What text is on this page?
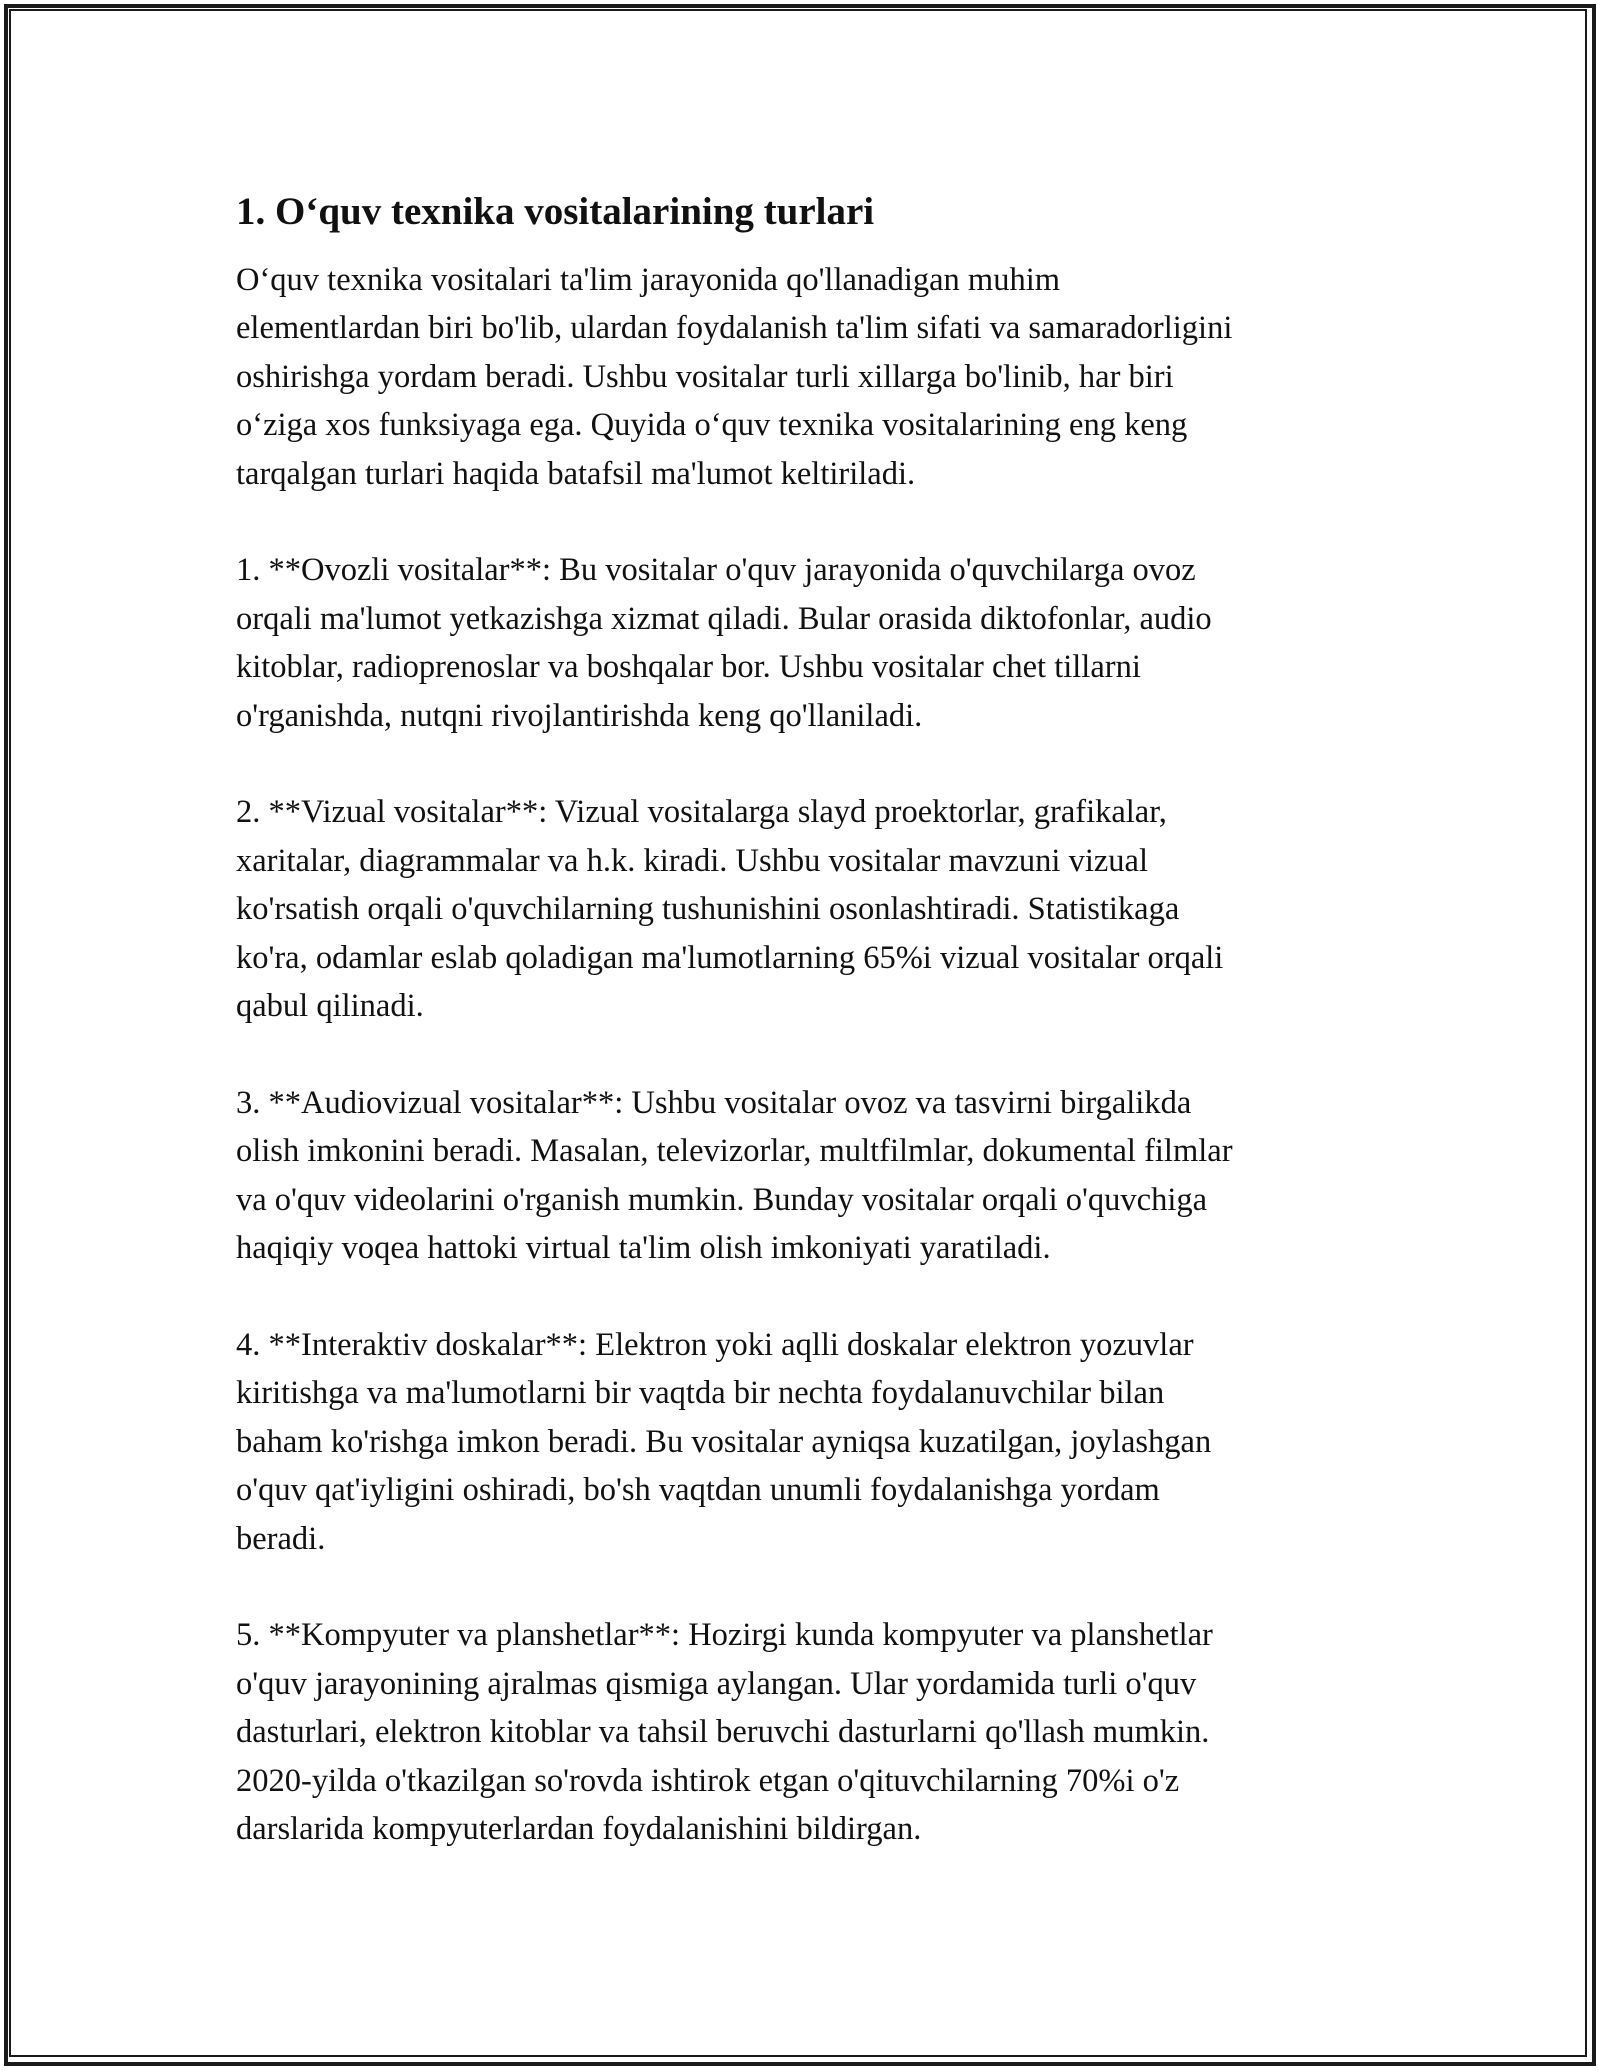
1. O‘quv texnika vositalarining turlari
O‘quv texnika vositalari ta'lim jarayonida qo'llanadigan muhim
elementlardan biri bo'lib, ulardan foydalanish ta'lim sifati va samaradorligini
oshirishga yordam beradi. Ushbu vositalar turli xillarga bo'linib, har biri
o‘ziga xos funksiyaga ega. Quyida o‘quv texnika vositalarining eng keng
tarqalgan turlari haqida batafsil ma'lumot keltiriladi.
1. **Ovozli vositalar**: Bu vositalar o'quv jarayonida o'quvchilarga ovoz
orqali ma'lumot yetkazishga xizmat qiladi. Bular orasida diktofonlar, audio
kitoblar, radioprenoslar va boshqalar bor. Ushbu vositalar chet tillarni
o'rganishda, nutqni rivojlantirishda keng qo'llaniladi.
2. **Vizual vositalar**: Vizual vositalarga slayd proektorlar, grafikalar,
xaritalar, diagrammalar va h.k. kiradi. Ushbu vositalar mavzuni vizual
ko'rsatish orqali o'quvchilarning tushunishini osonlashtiradi. Statistikaga
ko'ra, odamlar eslab qoladigan ma'lumotlarning 65%i vizual vositalar orqali
qabul qilinadi.
3. **Audiovizual vositalar**: Ushbu vositalar ovoz va tasvirni birgalikda
olish imkonini beradi. Masalan, televizorlar, multfilmlar, dokumental filmlar
va o'quv videolarini o'rganish mumkin. Bunday vositalar orqali o'quvchiga
haqiqiy voqea hattoki virtual ta'lim olish imkoniyati yaratiladi.
4. **Interaktiv doskalar**: Elektron yoki aqlli doskalar elektron yozuvlar
kiritishga va ma'lumotlarni bir vaqtda bir nechta foydalanuvchilar bilan
baham ko'rishga imkon beradi. Bu vositalar ayniqsa kuzatilgan, joylashgan
o'quv qat'iyligini oshiradi, bo'sh vaqtdan unumli foydalanishga yordam
beradi.
5. **Kompyuter va planshetlar**: Hozirgi kunda kompyuter va planshetlar
o'quv jarayonining ajralmas qismiga aylangan. Ular yordamida turli o'quv
dasturlari, elektron kitoblar va tahsil beruvchi dasturlarni qo'llash mumkin.
2020-yilda o'tkazilgan so'rovda ishtirok etgan o'qituvchilarning 70%i o'z
darslarida kompyuterlardan foydalanishini bildirgan.
